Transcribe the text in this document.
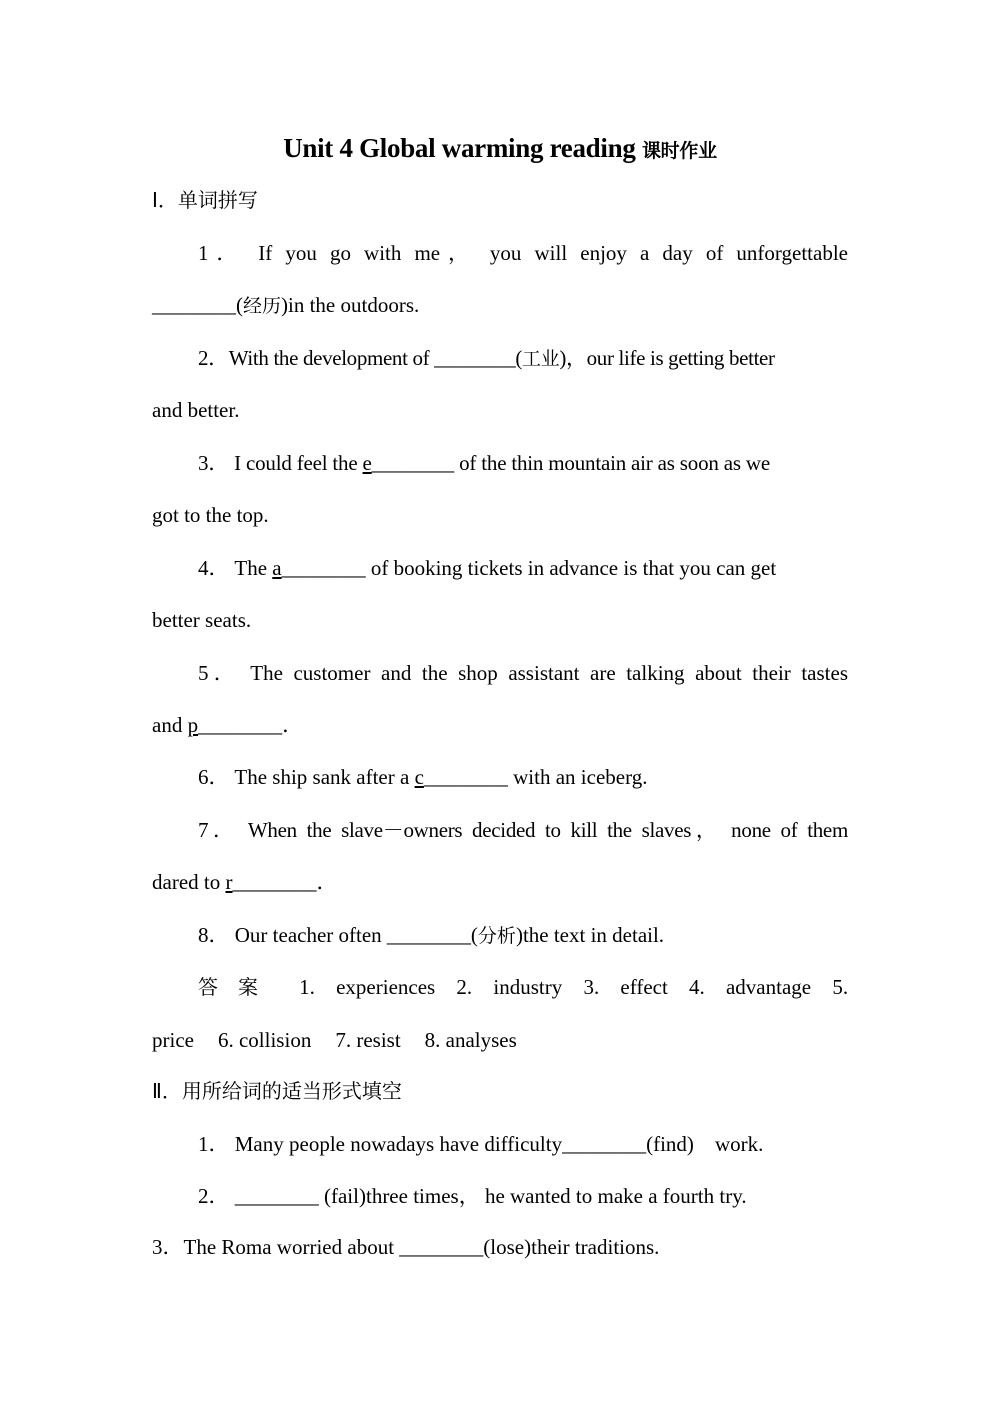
Unit 4 Global warming reading 课时作业
Ⅰ．单词拼写
1． If you go with me， you will enjoy a day of unforgettable
________(经历)in the outdoors.
2．With the development of ________(工业)，our life is getting better
and better.
3． I could feel the e________ of the thin mountain air as soon as we
got to the top.
4． The a________ of booking tickets in advance is that you can get
better seats.
5． The customer and the shop assistant are talking about their tastes
and p________．
6． The ship sank after a c________ with an iceberg.
7． When the slave－owners decided to kill the slaves， none of them
dared to r________．
8． Our teacher often ________(分析)the text in detail.
答案 1. experiences 2. industry 3. effect 4. advantage 5.
price 6. collision 7. resist 8. analyses
Ⅱ．用所给词的适当形式填空
1． Many people nowadays have difficulty________(find)    work.
2． ________ (fail)three times， he wanted to make a fourth try.
3．The Roma worried about ________(lose)their traditions.
